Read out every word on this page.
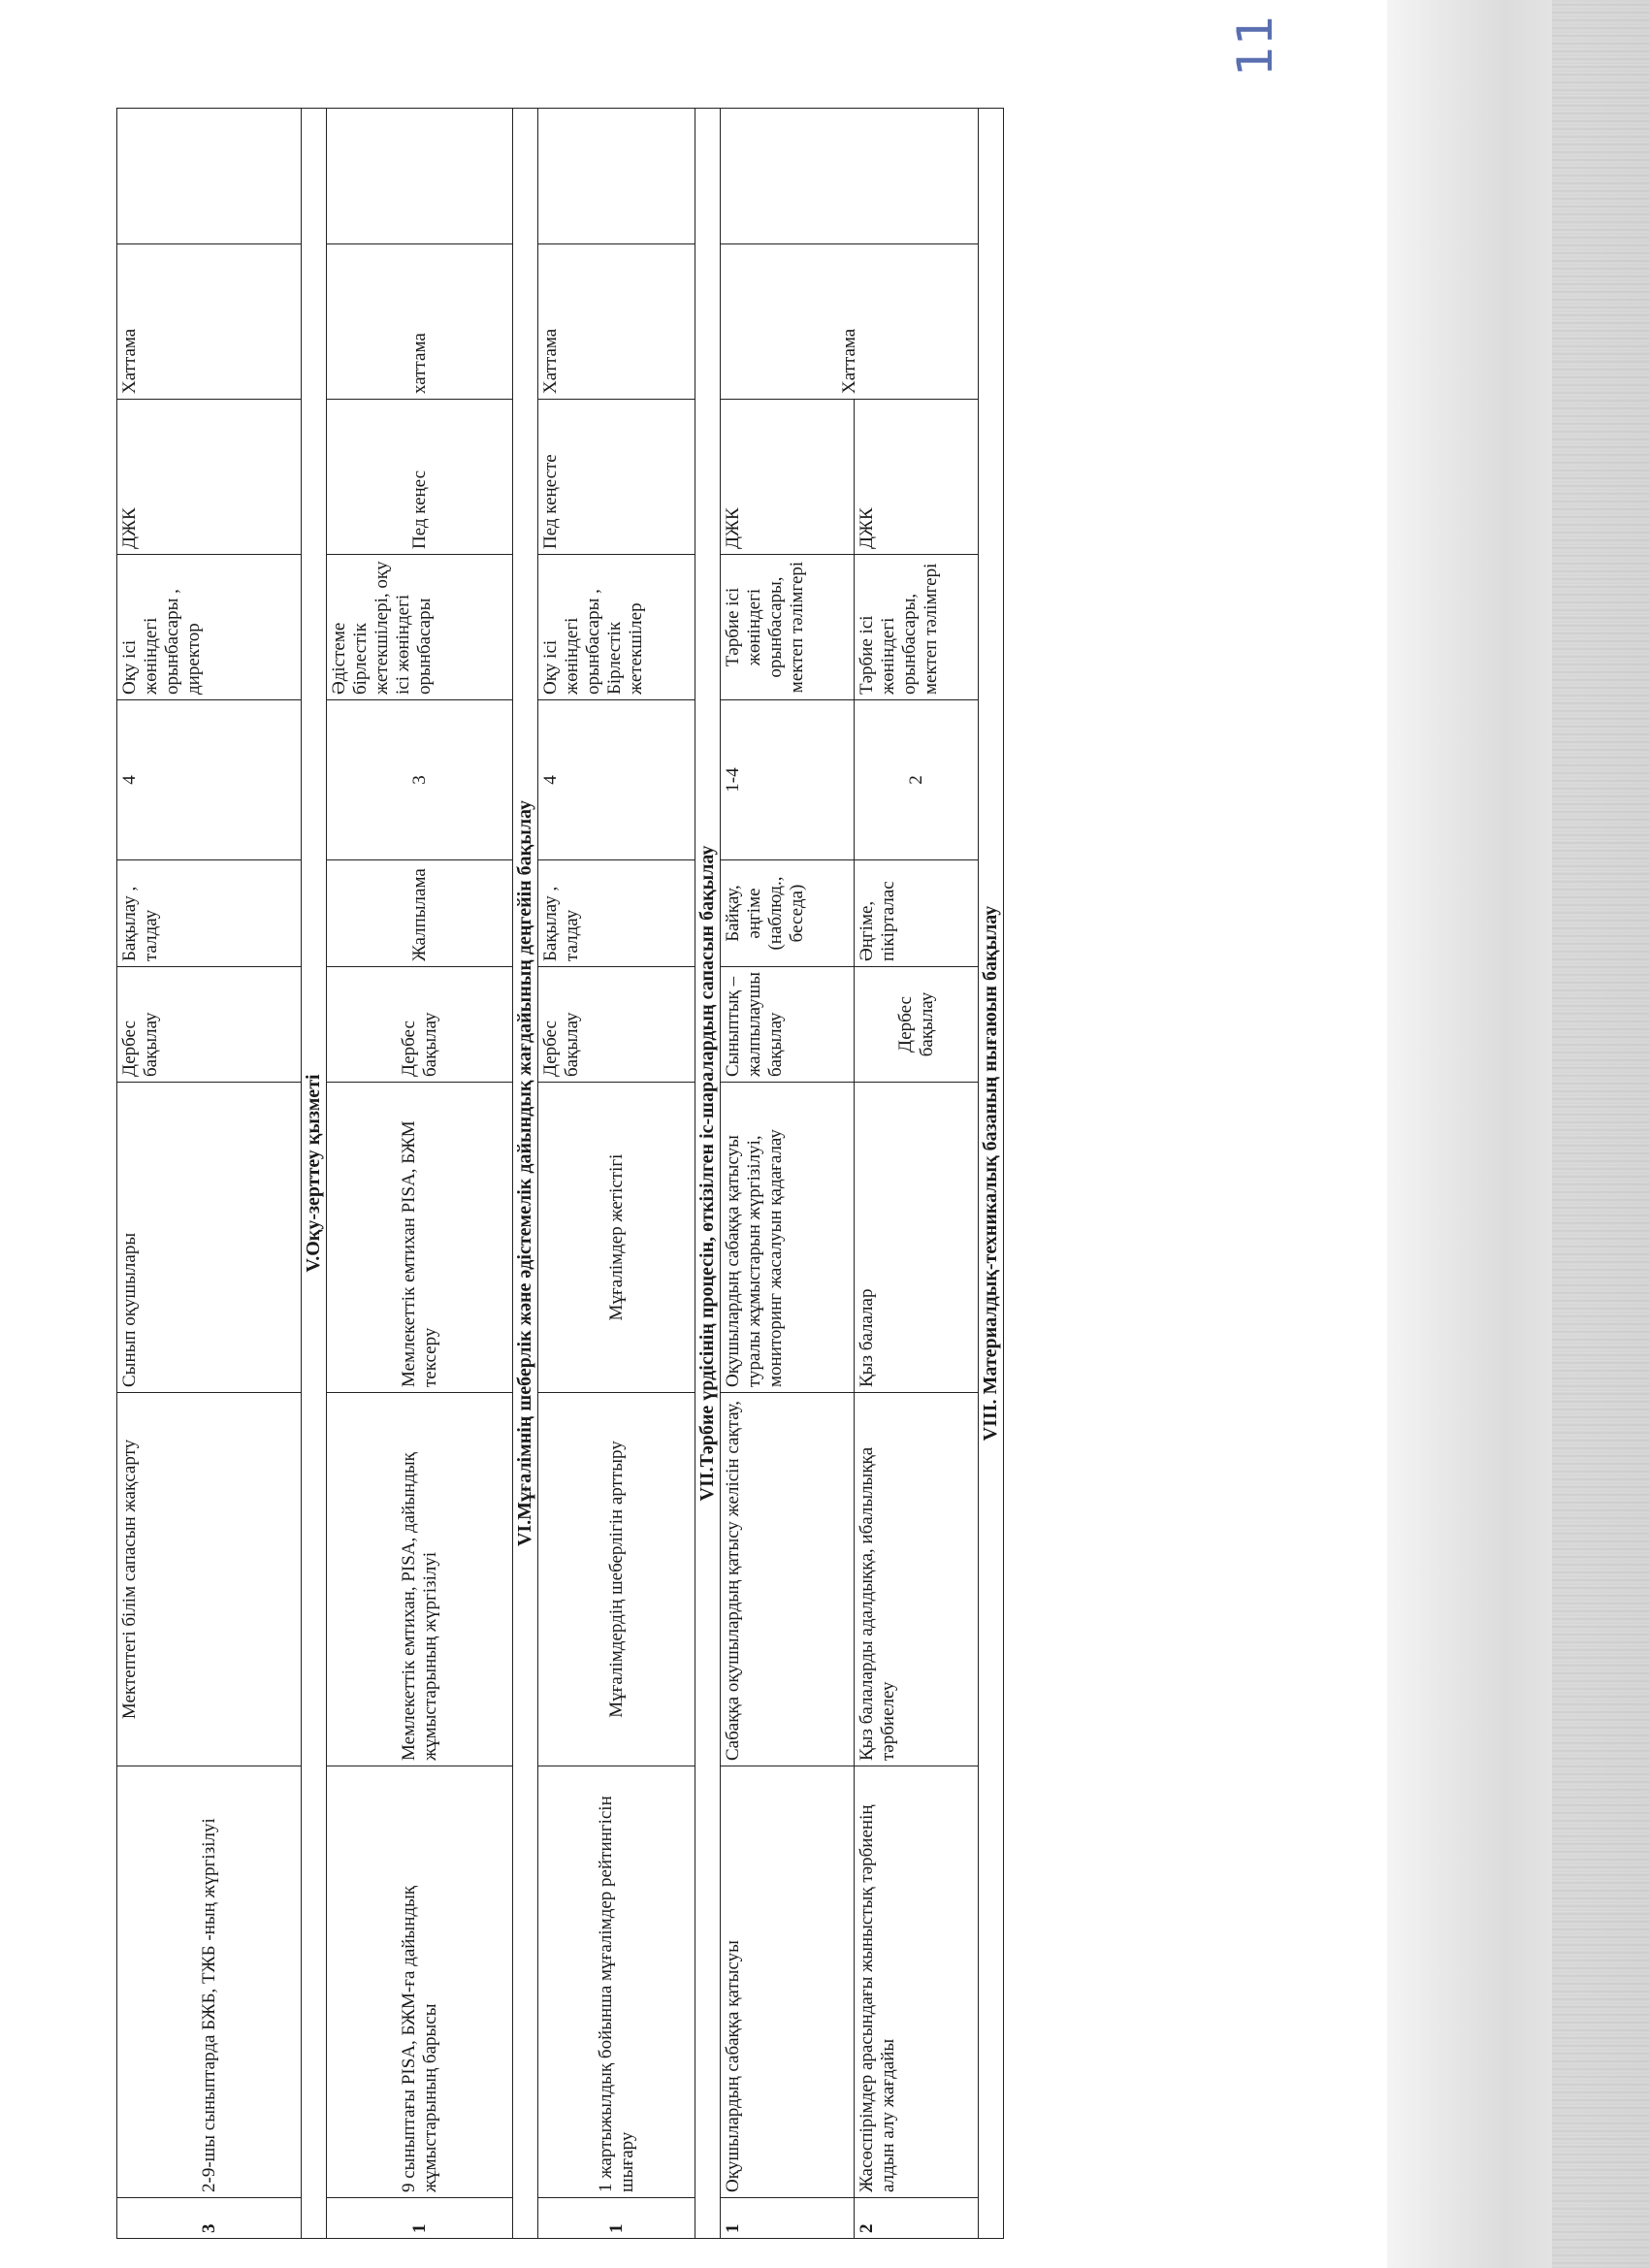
11
3	2-9-шы сыныптарда БЖБ, ТЖБ -ның жүргізілуі	Мектептегі білім сапасын жақсарту	Сынып оқушылары	Дербес бақылау	Бақылау , талдау	4	Оқу ісі жөніндегі орынбасары , директор	ДЖК	Хаттама	
V.Оқу-зерттеу қызметі										
1	9 сыныптағы PISA, БЖМ-ға дайындық жұмыстарының барысы	Мемлекеттік емтихан, PISA, дайындық жұмыстарының жүргізілуі	Мемлекеттік емтихан PISA, БЖМ тексеру	Дербес бақылау	Жалпылама	3	Әдістеме бірлестік жетекшілері, оқу ісі жөніндегі орынбасары	Пед кеңес	хаттама	
VI.Мұғалімнің шеберлік және әдістемелік дайындық жағдайының деңгейін бақылау										
1	1 жартыжылдық бойынша мұғалімдер рейтингісін шығару	Мұғалімдердің шеберлігін арттыру	Мұғалімдер жетістігі	Дербес бақылау	Бақылау , талдау	4	Оқу ісі жөніндегі орынбасары , Бірлестік жетекшілер	Пед кеңесте	Хаттама	
VII.Тәрбие үрдісінің процесін, өткізілген іс-шаралардың сапасын бақылау										
1	Оқушылардың сабаққа қатысуы	Сабаққа оқушылардың қатысу желісін сақтау,	Оқушылардың сабаққа қатысуы туралы жұмыстарын жүргізілуі, мониторинг жасалуын қадағалау	Сыныптық – жалпылаушы бақылау	Байқау, әңгіме (наблюд., беседа)	1-4	Тәрбие ісі жөніндегі орынбасары, мектеп тәлімгері	ДЖК	Хаттама	
2	Жасөспірімдер арасындағы жыныстық тәрбиенің алдын алу жағдайы	Қыз балаларды адалдыққа, ибалылыққа тәрбиелеу	Қыз балалар	Дербес бақылау	Әңгіме, пікірталас	2	Тәрбие ісі жөніндегі орынбасары, мектеп тәлімгері	ДЖК		
VIII. Материалдық-техникалық базаның нығаюын бақылау										
